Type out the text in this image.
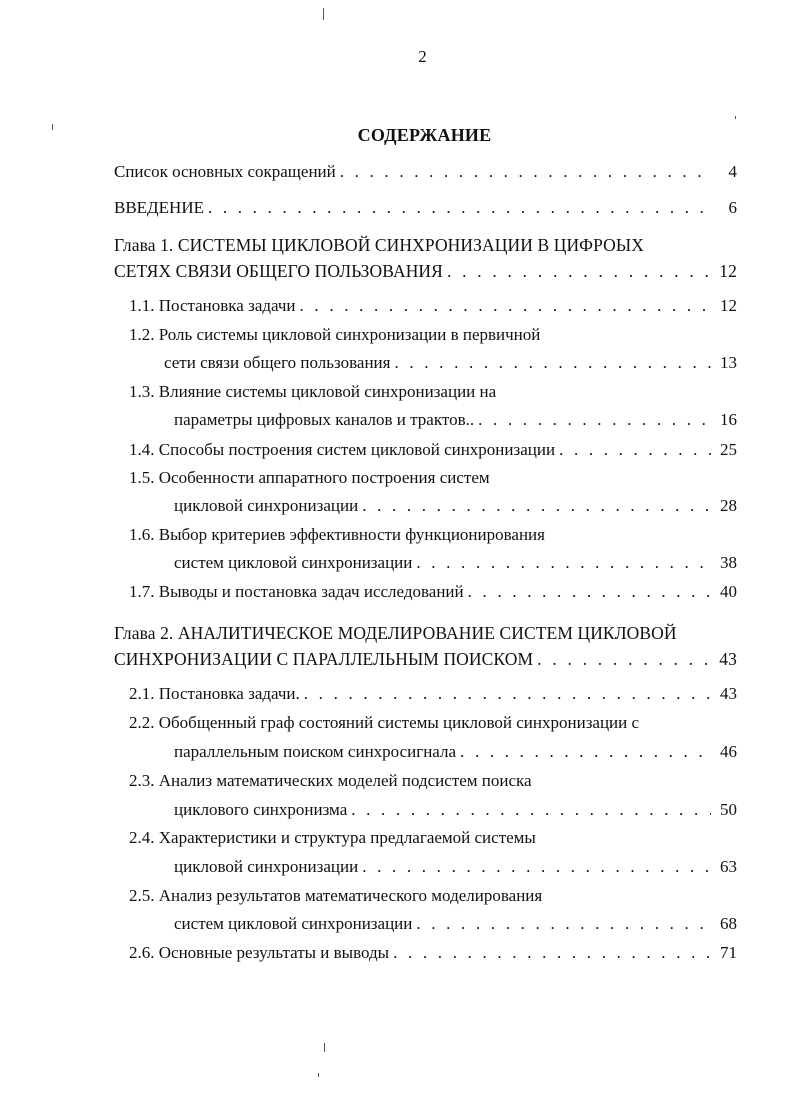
2
СОДЕРЖАНИЕ
Список основных сокращений . . .	4
ВВЕДЕНИЕ . . .	6
Глава 1. СИСТЕМЫ ЦИКЛОВОЙ СИНХРОНИЗАЦИИ В ЦИФРОЫХ
СЕТЯХ СВЯЗИ ОБЩЕГО ПОЛЬЗОВАНИЯ . . .	12
1.1. Постановка задачи . . .	12
1.2. Роль системы цикловой синхронизации в первичной
сети связи общего пользования . . .	13
1.3. Влияние системы цикловой синхронизации на
параметры цифровых каналов и трактов.. . . .	16
1.4. Способы построения систем цикловой синхронизации . . .	25
1.5. Особенности аппаратного построения систем
цикловой синхронизации . . .	28
1.6. Выбор критериев эффективности функционирования
систем цикловой синхронизации . . .	38
1.7. Выводы и постановка задач исследований . . .	40
Глава 2. АНАЛИТИЧЕСКОЕ МОДЕЛИРОВАНИЕ СИСТЕМ ЦИКЛОВОЙ
СИНХРОНИЗАЦИИ С ПАРАЛЛЕЛЬНЫМ ПОИСКОМ . . .	43
2.1. Постановка задачи. . . .	43
2.2. Обобщенный граф состояний системы цикловой синхронизации с
параллельным поиском синхросигнала . . .	46
2.3. Анализ математических моделей подсистем поиска
циклового синхронизма . . .	50
2.4. Характеристики и структура предлагаемой системы
цикловой синхронизации . . .	63
2.5. Анализ результатов математического моделирования
систем цикловой синхронизации . . .	68
2.6. Основные результаты и выводы . . .	71
